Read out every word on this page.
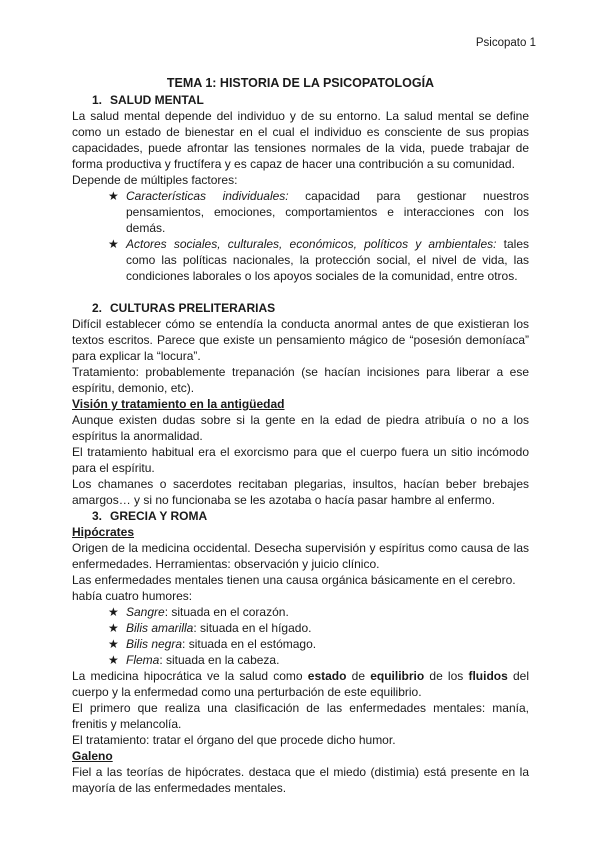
Psicopato 1

TEMA 1: HISTORIA DE LA PSICOPATOLOGÍA

1. SALUD MENTAL

La salud mental depende del individuo y de su entorno. La salud mental se define como un estado de bienestar en el cual el individuo es consciente de sus propias capacidades, puede afrontar las tensiones normales de la vida, puede trabajar de forma productiva y fructífera y es capaz de hacer una contribución a su comunidad.

Depende de múltiples factores:

★ Características individuales: capacidad para gestionar nuestros pensamientos, emociones, comportamientos e interacciones con los demás.
★ Actores sociales, culturales, económicos, políticos y ambientales: tales como las políticas nacionales, la protección social, el nivel de vida, las condiciones laborales o los apoyos sociales de la comunidad, entre otros.
2. CULTURAS PRELITERARIAS

Difícil establecer cómo se entendía la conducta anormal antes de que existieran los textos escritos. Parece que existe un pensamiento mágico de “posesión demoníaca” para explicar la “locura”.

Tratamiento: probablemente trepanación (se hacían incisiones para liberar a ese espíritu, demonio, etc).

Visión y tratamiento en la antigüedad

Aunque existen dudas sobre si la gente en la edad de piedra atribuía o no a los espíritus la anormalidad.

El tratamiento habitual era el exorcismo para que el cuerpo fuera un sitio incómodo para el espíritu.

Los chamanes o sacerdotes recitaban plegarias, insultos, hacían beber brebajes amargos… y si no funcionaba se les azotaba o hacía pasar hambre al enfermo.

3. GRECIA Y ROMA

Hipócrates

Origen de la medicina occidental. Desecha supervisión y espíritus como causa de las enfermedades. Herramientas: observación y juicio clínico.

Las enfermedades mentales tienen una causa orgánica básicamente en el cerebro.

había cuatro humores:

★ Sangre: situada en el corazón.
★ Bilis amarilla: situada en el hígado.
★ Bilis negra: situada en el estómago.
★ Flema: situada en la cabeza.

La medicina hipocrática ve la salud como estado de equilibrio de los fluidos del cuerpo y la enfermedad como una perturbación de este equilibrio.

El primero que realiza una clasificación de las enfermedades mentales: manía, frenitis y melancolía.

El tratamiento: tratar el órgano del que procede dicho humor.

Galeno

Fiel a las teorías de hipócrates. destaca que el miedo (distimia) está presente en la mayoría de las enfermedades mentales.
